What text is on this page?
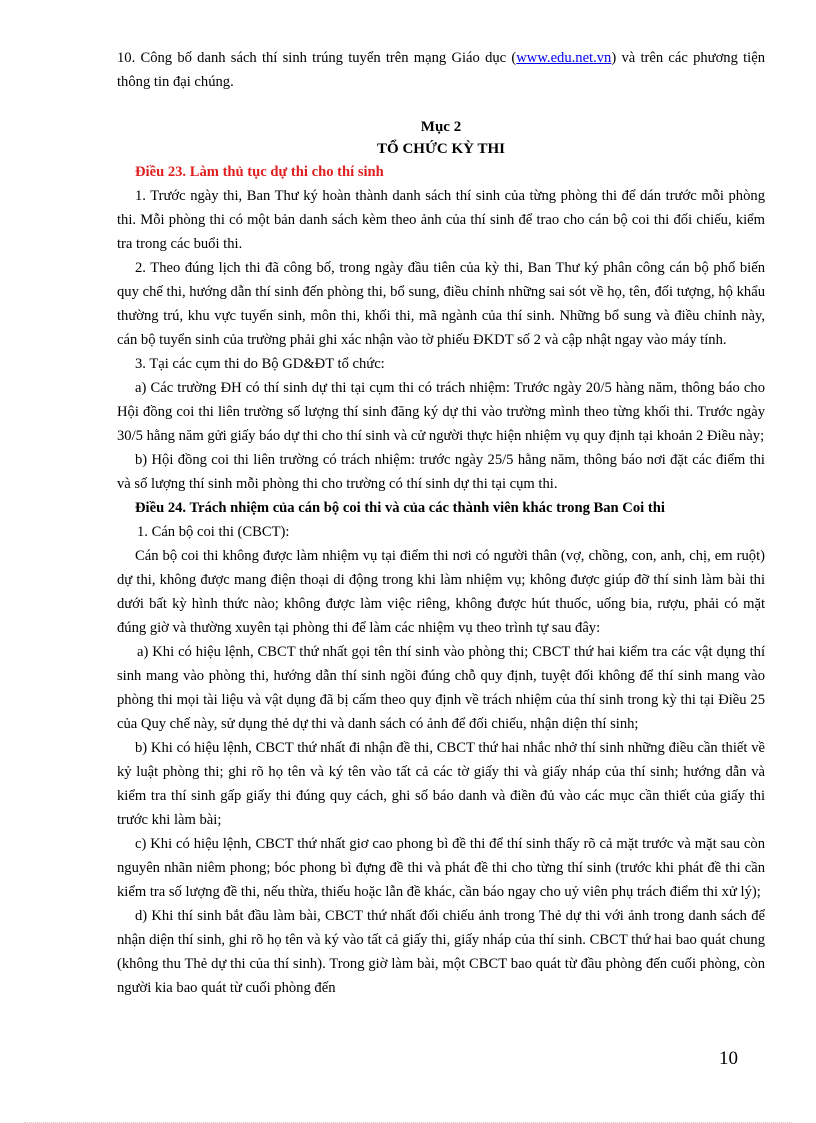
10. Công bố danh sách thí sinh trúng tuyển trên mạng Giáo dục (www.edu.net.vn) và trên các phương tiện thông tin đại chúng.

Mục 2

TỔ CHỨC KỲ THI

Điều 23. Làm thủ tục dự thi cho thí sinh

1. Trước ngày thi, Ban Thư ký hoàn thành danh sách thí sinh của từng phòng thi để dán trước mỗi phòng thi. Mỗi phòng thi có một bản danh sách kèm theo ảnh của thí sinh để trao cho cán bộ coi thi đối chiếu, kiểm tra trong các buổi thi.

2. Theo đúng lịch thi đã công bố, trong ngày đầu tiên của kỳ thi, Ban Thư ký phân công cán bộ phổ biến quy chế thi, hướng dẫn thí sinh đến phòng thi, bổ sung, điều chỉnh những sai sót về họ, tên, đối tượng, hộ khẩu thường trú, khu vực tuyển sinh, môn thi, khối thi, mã ngành của thí sinh. Những bổ sung và điều chỉnh này, cán bộ tuyển sinh của trường phải ghi xác nhận vào tờ phiếu ĐKDT số 2 và cập nhật ngay vào máy tính.

3. Tại các cụm thi do Bộ GD&ĐT tổ chức:

a) Các trường ĐH có thí sinh dự thi tại cụm thi có trách nhiệm: Trước ngày 20/5 hàng năm, thông báo cho Hội đồng coi thi liên trường số lượng thí sinh đăng ký dự thi vào trường mình theo từng khối thi. Trước ngày 30/5 hằng năm gửi giấy báo dự thi cho thí sinh và cử người thực hiện nhiệm vụ quy định tại khoản 2 Điều này;

b) Hội đồng coi thi liên trường có trách nhiệm: trước ngày 25/5 hằng năm, thông báo nơi đặt các điểm thi và số lượng thí sinh mỗi phòng thi cho trường có thí sinh dự thi tại cụm thi.

Điều 24. Trách nhiệm của cán bộ coi thi và của các thành viên khác trong Ban Coi thi

1. Cán bộ coi thi (CBCT):

Cán bộ coi thi không được làm nhiệm vụ tại điểm thi nơi có người thân (vợ, chồng, con, anh, chị, em ruột) dự thi, không được mang điện thoại di động trong khi làm nhiệm vụ; không được giúp đỡ thí sinh làm bài thi dưới bất kỳ hình thức nào; không được làm việc riêng, không được hút thuốc, uống bia, rượu, phải có mặt đúng giờ và thường xuyên tại phòng thi để làm các nhiệm vụ theo trình tự sau đây:

a) Khi có hiệu lệnh, CBCT thứ nhất gọi tên thí sinh vào phòng thi; CBCT thứ hai kiểm tra các vật dụng thí sinh mang vào phòng thi, hướng dẫn thí sinh ngồi đúng chỗ quy định, tuyệt đối không để thí sinh mang vào phòng thi mọi tài liệu và vật dụng đã bị cấm theo quy định về trách nhiệm của thí sinh trong kỳ thi tại Điều 25 của Quy chế này, sử dụng thẻ dự thi và danh sách có ảnh để đối chiếu, nhận diện thí sinh;

b) Khi có hiệu lệnh, CBCT thứ nhất đi nhận đề thi, CBCT thứ hai nhắc nhở thí sinh những điều cần thiết về kỷ luật phòng thi; ghi rõ họ tên và ký tên vào tất cả các tờ giấy thi và giấy nháp của thí sinh; hướng dẫn và kiểm tra thí sinh gấp giấy thi đúng quy cách, ghi số báo danh và điền đủ vào các mục cần thiết của giấy thi trước khi làm bài;

c) Khi có hiệu lệnh, CBCT thứ nhất giơ cao phong bì đề thi để thí sinh thấy rõ cả mặt trước và mặt sau còn nguyên nhãn niêm phong; bóc phong bì đựng đề thi và phát đề thi cho từng thí sinh (trước khi phát đề thi cần kiểm tra số lượng đề thi, nếu thừa, thiếu hoặc lẫn đề khác, cần báo ngay cho uỷ viên phụ trách điểm thi xử lý);

d) Khi thí sinh bắt đầu làm bài, CBCT thứ nhất đối chiếu ảnh trong Thẻ dự thi với ảnh trong danh sách để nhận diện thí sinh, ghi rõ họ tên và ký vào tất cả giấy thi, giấy nháp của thí sinh. CBCT thứ hai bao quát chung (không thu Thẻ dự thi của thí sinh). Trong giờ làm bài, một CBCT bao quát từ đầu phòng đến cuối phòng, còn người kia bao quát từ cuối phòng đến

10
